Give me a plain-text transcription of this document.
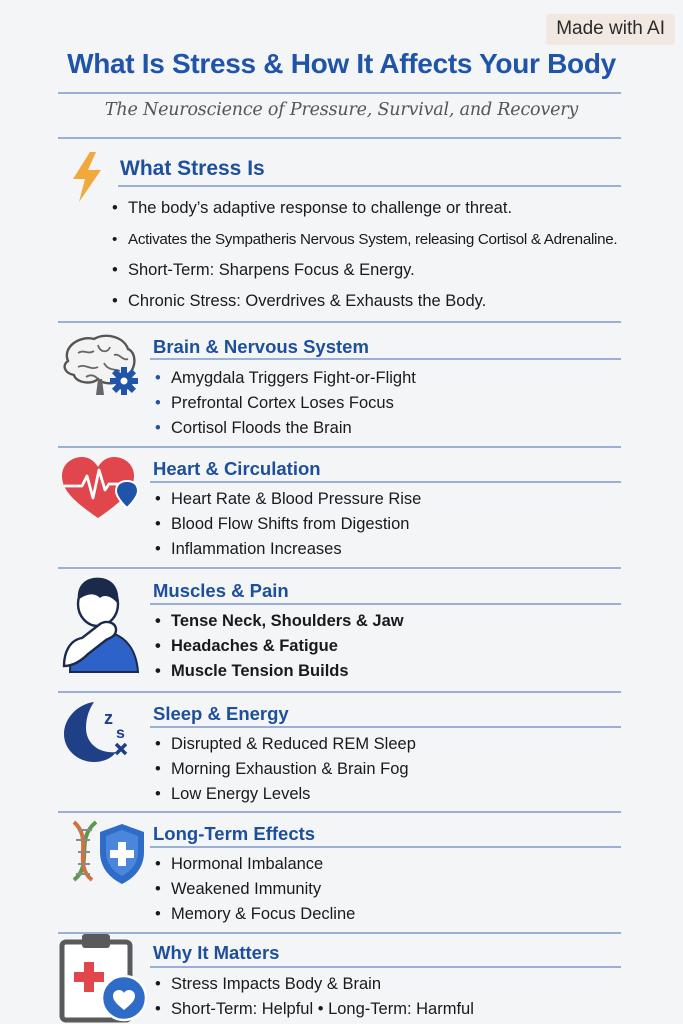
Made with AI
What Is Stress & How It Affects Your Body
The Neuroscience of Pressure, Survival, and Recovery
What Stress Is
• The body’s adaptive response to challenge or threat.
• Activates the Sympatheris Nervous System, releasing Cortisol & Adrenaline.
• Short-Term: Sharpens Focus & Energy.
• Chronic Stress: Overdrives & Exhausts the Body.
Brain & Nervous System
• Amygdala Triggers Fight-or-Flight
• Prefrontal Cortex Loses Focus
• Cortisol Floods the Brain
Heart & Circulation
• Heart Rate & Blood Pressure Rise
• Blood Flow Shifts from Digestion
• Inflammation Increases
Muscles & Pain
• Tense Neck, Shoulders & Jaw
• Headaches & Fatigue
• Muscle Tension Builds
z
s
Sleep & Energy
• Disrupted & Reduced REM Sleep
• Morning Exhaustion & Brain Fog
• Low Energy Levels
Long-Term Effects
• Hormonal Imbalance
• Weakened Immunity
• Memory & Focus Decline
Why It Matters
• Stress Impacts Body & Brain
• Short-Term: Helpful • Long-Term: Harmful
